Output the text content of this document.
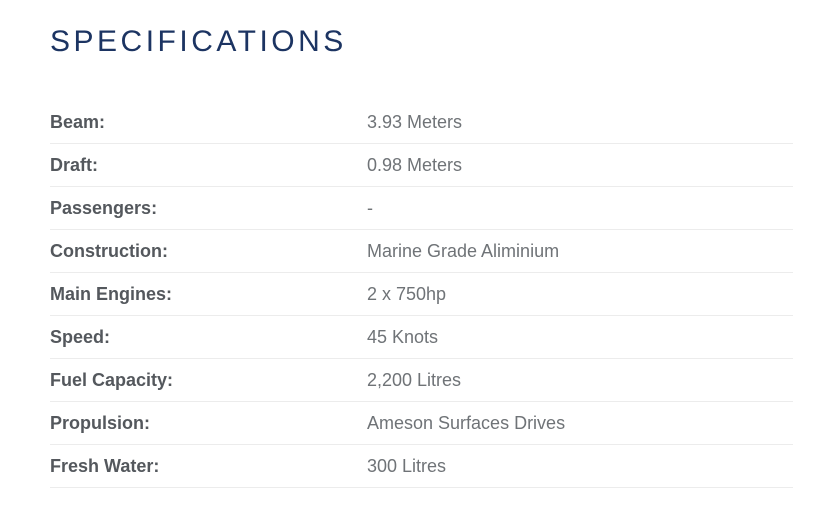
SPECIFICATIONS
Beam:	3.93 Meters
Draft:	0.98 Meters
Passengers:	-
Construction:	Marine Grade Aliminium
Main Engines:	2 x 750hp
Speed:	45 Knots
Fuel Capacity:	2,200 Litres
Propulsion:	Ameson Surfaces Drives
Fresh Water:	300 Litres
